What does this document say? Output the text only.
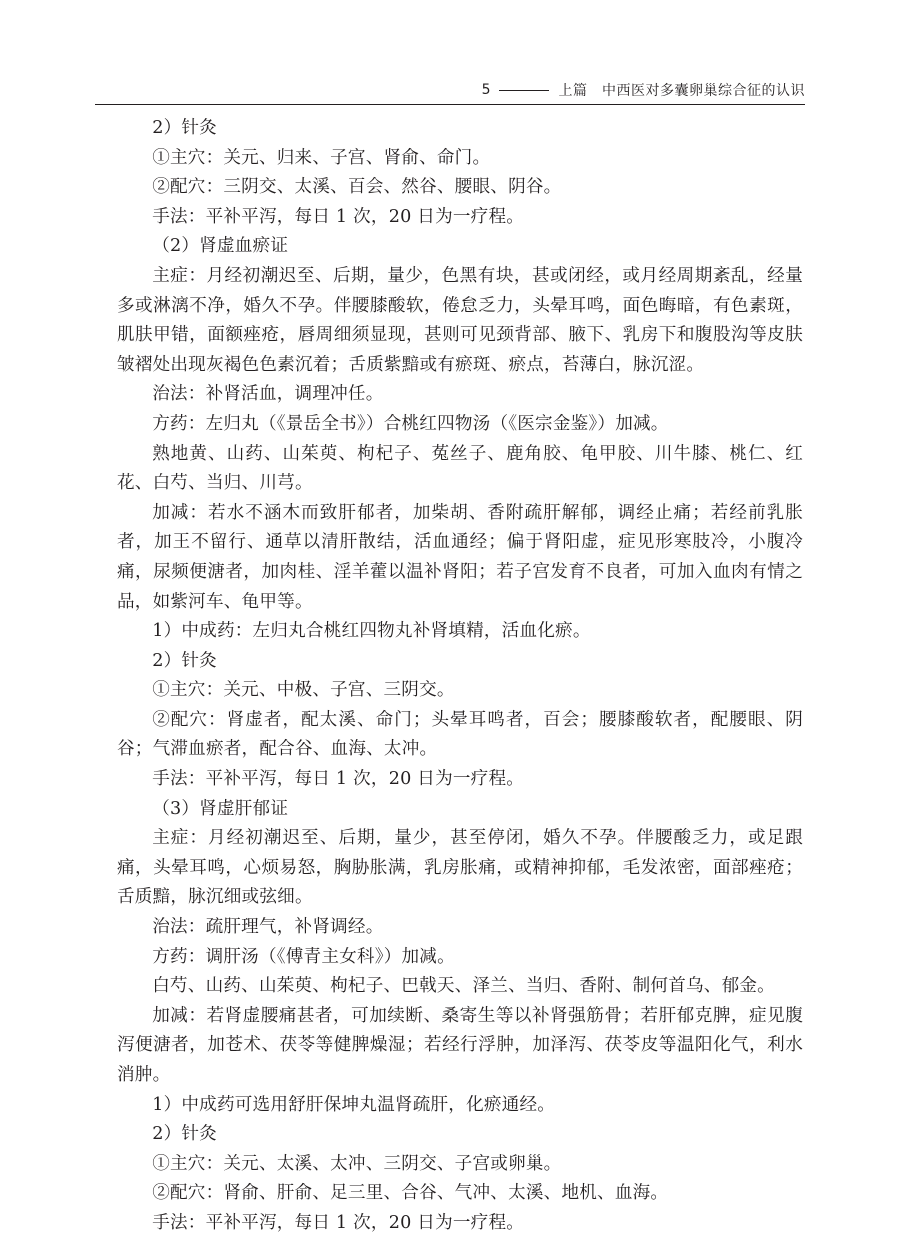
5	上篇　中西医对多囊卵巢综合征的认识

2）针灸

①主穴：关元、归来、子宫、肾俞、命门。

②配穴：三阴交、太溪、百会、然谷、腰眼、阴谷。

手法：平补平泻，每日 1 次，20 日为一疗程。

（2）肾虚血瘀证

主症：月经初潮迟至、后期，量少，色黑有块，甚或闭经，或月经周期紊乱，经量多或淋漓不净，婚久不孕。伴腰膝酸软，倦怠乏力，头晕耳鸣，面色晦暗，有色素斑，肌肤甲错，面额痤疮，唇周细须显现，甚则可见颈背部、腋下、乳房下和腹股沟等皮肤皱褶处出现灰褐色色素沉着；舌质紫黯或有瘀斑、瘀点，苔薄白，脉沉涩。

治法：补肾活血，调理冲任。

方药：左归丸（《景岳全书》）合桃红四物汤（《医宗金鉴》）加减。

熟地黄、山药、山茱萸、枸杞子、菟丝子、鹿角胶、龟甲胶、川牛膝、桃仁、红花、白芍、当归、川芎。

加减：若水不涵木而致肝郁者，加柴胡、香附疏肝解郁，调经止痛；若经前乳胀者，加王不留行、通草以清肝散结，活血通经；偏于肾阳虚，症见形寒肢冷，小腹冷痛，尿频便溏者，加肉桂、淫羊藿以温补肾阳；若子宫发育不良者，可加入血肉有情之品，如紫河车、龟甲等。

1）中成药：左归丸合桃红四物丸补肾填精，活血化瘀。

2）针灸

①主穴：关元、中极、子宫、三阴交。

②配穴：肾虚者，配太溪、命门；头晕耳鸣者，百会；腰膝酸软者，配腰眼、阴谷；气滞血瘀者，配合谷、血海、太冲。

手法：平补平泻，每日 1 次，20 日为一疗程。

（3）肾虚肝郁证

主症：月经初潮迟至、后期，量少，甚至停闭，婚久不孕。伴腰酸乏力，或足跟痛，头晕耳鸣，心烦易怒，胸胁胀满，乳房胀痛，或精神抑郁，毛发浓密，面部痤疮；舌质黯，脉沉细或弦细。

治法：疏肝理气，补肾调经。

方药：调肝汤（《傅青主女科》）加减。

白芍、山药、山茱萸、枸杞子、巴戟天、泽兰、当归、香附、制何首乌、郁金。

加减：若肾虚腰痛甚者，可加续断、桑寄生等以补肾强筋骨；若肝郁克脾，症见腹泻便溏者，加苍术、茯苓等健脾燥湿；若经行浮肿，加泽泻、茯苓皮等温阳化气，利水消肿。

1）中成药可选用舒肝保坤丸温肾疏肝，化瘀通经。

2）针灸

①主穴：关元、太溪、太冲、三阴交、子宫或卵巢。

②配穴：肾俞、肝俞、足三里、合谷、气冲、太溪、地机、血海。

手法：平补平泻，每日 1 次，20 日为一疗程。
